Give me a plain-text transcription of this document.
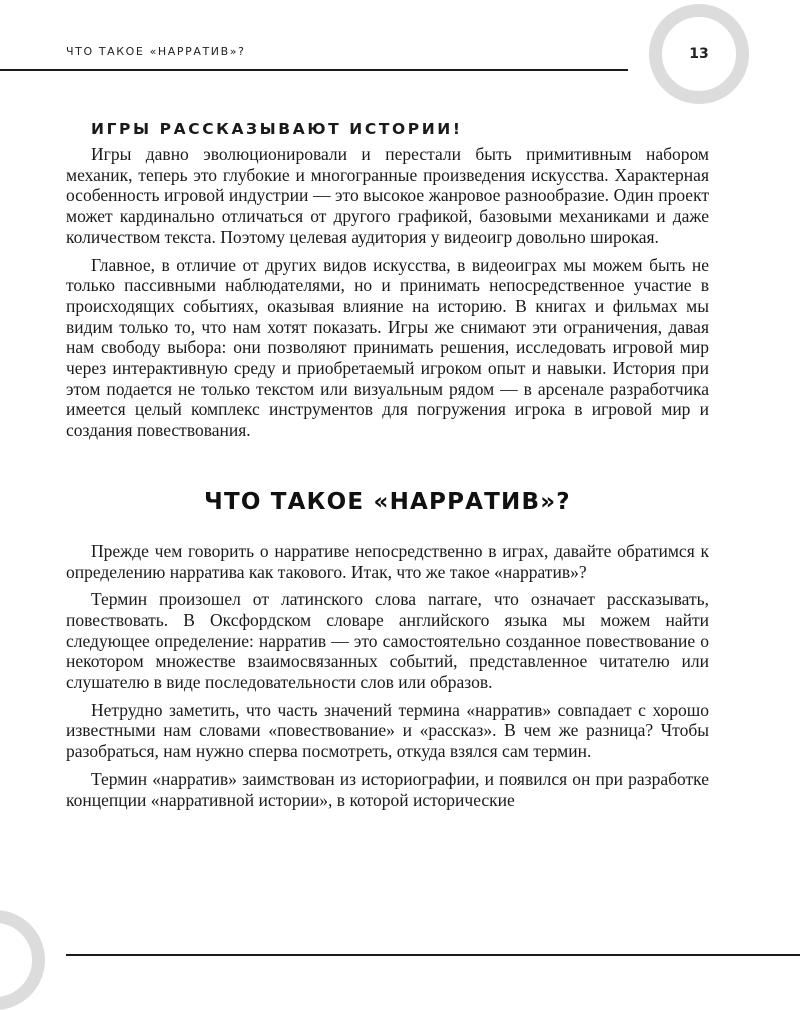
13
ЧТО ТАКОЕ «НАРРАТИВ»?
ИГРЫ РАССКАЗЫВАЮТ ИСТОРИИ!

Игры давно эволюционировали и перестали быть примитивным набором механик, теперь это глубокие и многогранные произведения искусства. Характерная особенность игровой индустрии — это высокое жанровое разнообразие. Один проект может кардинально отличаться от другого графикой, базовыми механиками и даже количеством текста. Поэтому целевая аудитория у видеоигр довольно широкая.

Главное, в отличие от других видов искусства, в видеоиграх мы можем быть не только пассивными наблюдателями, но и принимать непосредственное участие в происходящих событиях, оказывая влияние на историю. В книгах и фильмах мы видим только то, что нам хотят показать. Игры же снимают эти ограничения, давая нам свободу выбора: они позволяют принимать решения, исследовать игровой мир через интерактивную среду и приобретаемый игроком опыт и навыки. История при этом подается не только текстом или визуальным рядом — в арсенале разработчика имеется целый комплекс инструментов для погружения игрока в игровой мир и создания повествования.

ЧТО ТАКОЕ «НАРРАТИВ»?

Прежде чем говорить о нарративе непосредственно в играх, давайте обратимся к определению нарратива как такового. Итак, что же такое «нарратив»?

Термин произошел от латинского слова narrare, что означает рассказывать, повествовать. В Оксфордском словаре английского языка мы можем найти следующее определение: нарратив — это самостоятельно созданное повествование о некотором множестве взаимосвязанных событий, представленное читателю или слушателю в виде последовательности слов или образов.

Нетрудно заметить, что часть значений термина «нарратив» совпадает с хорошо известными нам словами «повествование» и «рассказ». В чем же разница? Чтобы разобраться, нам нужно сперва посмотреть, откуда взялся сам термин.

Термин «нарратив» заимствован из историографии, и появился он при разработке концепции «нарративной истории», в которой исторические
